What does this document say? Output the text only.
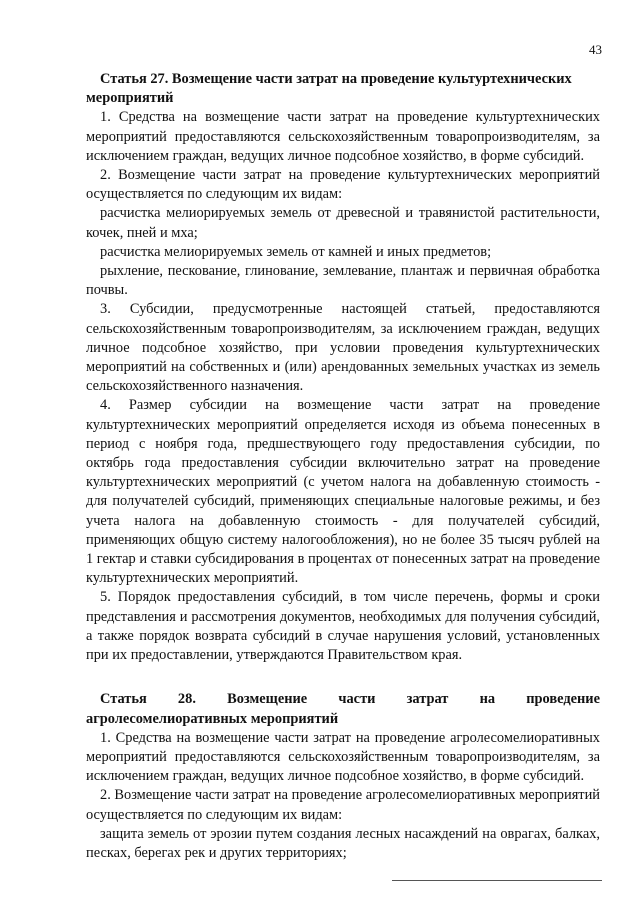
43
Статья 27. Возмещение части затрат на проведение культуртехнических мероприятий

1. Средства на возмещение части затрат на проведение культуртехнических мероприятий предоставляются сельскохозяйственным товаропроизводителям, за исключением граждан, ведущих личное подсобное хозяйство, в форме субсидий.

2. Возмещение части затрат на проведение культуртехнических мероприятий осуществляется по следующим их видам:

расчистка мелиорируемых земель от древесной и травянистой растительности, кочек, пней и мха;

расчистка мелиорируемых земель от камней и иных предметов;

рыхление, пескование, глинование, землевание, плантаж и первичная обработка почвы.

3. Субсидии, предусмотренные настоящей статьей, предоставляются сельскохозяйственным товаропроизводителям, за исключением граждан, ведущих личное подсобное хозяйство, при условии проведения культуртехнических мероприятий на собственных и (или) арендованных земельных участках из земель сельскохозяйственного назначения.

4. Размер субсидии на возмещение части затрат на проведение культуртехнических мероприятий определяется исходя из объема понесенных в период с ноября года, предшествующего году предоставления субсидии, по октябрь года предоставления субсидии включительно затрат на проведение культуртехнических мероприятий (с учетом налога на добавленную стоимость - для получателей субсидий, применяющих специальные налоговые режимы, и без учета налога на добавленную стоимость - для получателей субсидий, применяющих общую систему налогообложения), но не более 35 тысяч рублей на 1 гектар и ставки субсидирования в процентах от понесенных затрат на проведение культуртехнических мероприятий.

5. Порядок предоставления субсидий, в том числе перечень, формы и сроки представления и рассмотрения документов, необходимых для получения субсидий, а также порядок возврата субсидий в случае нарушения условий, установленных при их предоставлении, утверждаются Правительством края.

Статья 28. Возмещение части затрат на проведение
агролесомелиоративных мероприятий

1. Средства на возмещение части затрат на проведение агролесомелиоративных мероприятий предоставляются сельскохозяйственным товаропроизводителям, за исключением граждан, ведущих личное подсобное хозяйство, в форме субсидий.

2. Возмещение части затрат на проведение агролесомелиоративных мероприятий осуществляется по следующим их видам:

защита земель от эрозии путем создания лесных насаждений на оврагах, балках, песках, берегах рек и других территориях;
